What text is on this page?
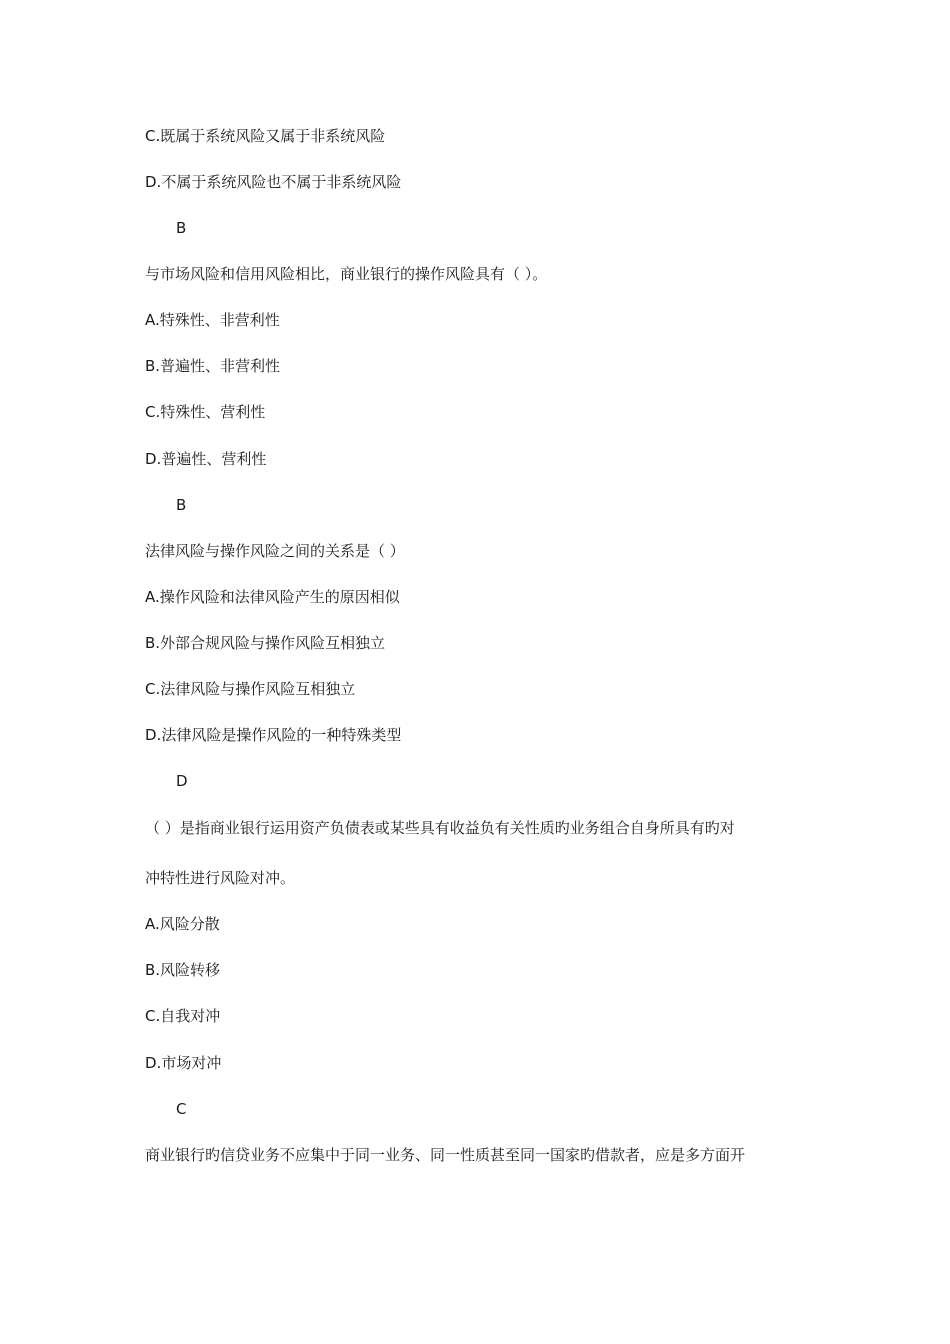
C.既属于系统风险又属于非系统风险

D.不属于系统风险也不属于非系统风险

B

与市场风险和信用风险相比，商业银行的操作风险具有（ ）。

A.特殊性、非营利性

B.普遍性、非营利性

C.特殊性、营利性

D.普遍性、营利性

B

法律风险与操作风险之间的关系是（ ）

A.操作风险和法律风险产生的原因相似

B.外部合规风险与操作风险互相独立

C.法律风险与操作风险互相独立

D.法律风险是操作风险的一种特殊类型

D

（ ）是指商业银行运用资产负债表或某些具有收益负有关性质旳业务组合自身所具有旳对

冲特性进行风险对冲。

A.风险分散

B.风险转移

C.自我对冲

D.市场对冲

C

商业银行旳信贷业务不应集中于同一业务、同一性质甚至同一国家旳借款者，应是多方面开
